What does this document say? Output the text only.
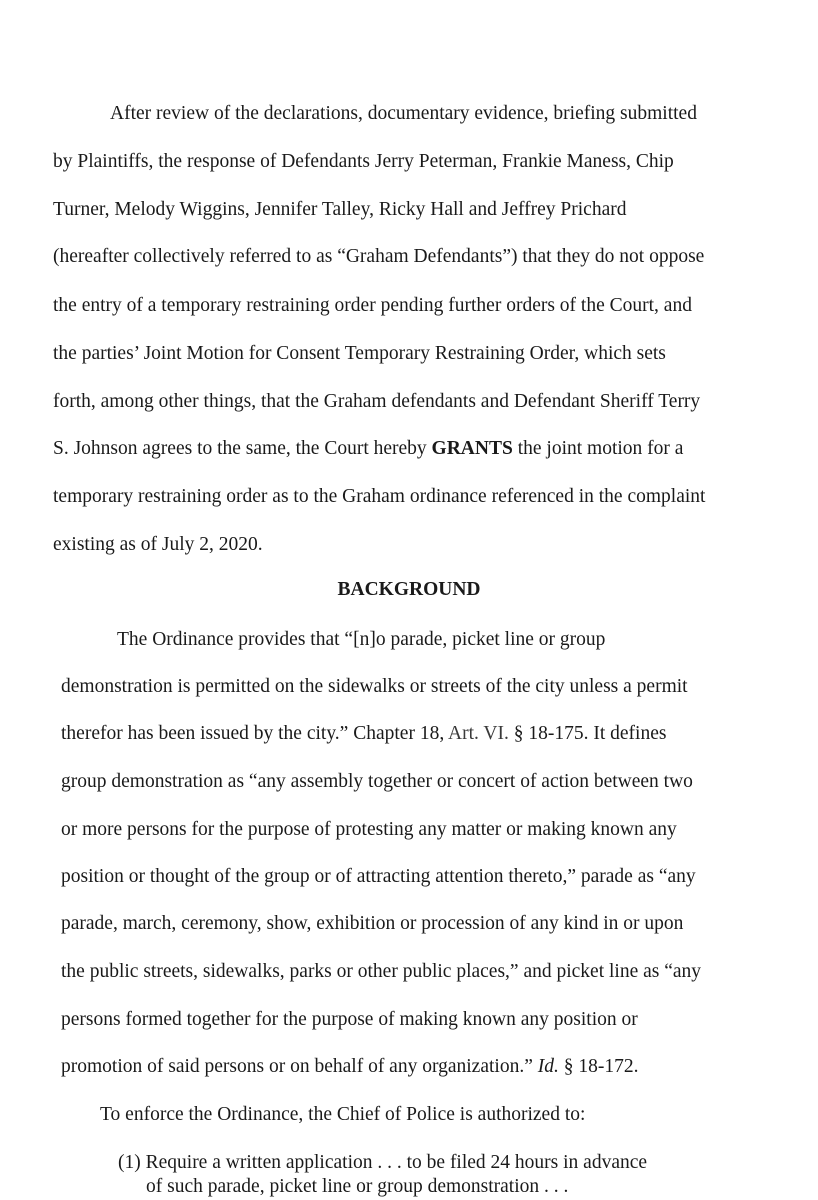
After review of the declarations, documentary evidence, briefing submitted
by Plaintiffs, the response of Defendants Jerry Peterman, Frankie Maness, Chip
Turner, Melody Wiggins, Jennifer Talley, Ricky Hall and Jeffrey Prichard
(hereafter collectively referred to as “Graham Defendants”) that they do not oppose
the entry of a temporary restraining order pending further orders of the Court, and
the parties’ Joint Motion for Consent Temporary Restraining Order, which sets
forth, among other things, that the Graham defendants and Defendant Sheriff Terry
S. Johnson agrees to the same, the Court hereby GRANTS the joint motion for a
temporary restraining order as to the Graham ordinance referenced in the complaint
existing as of July 2, 2020.
BACKGROUND
The Ordinance provides that “[n]o parade, picket line or group
demonstration is permitted on the sidewalks or streets of the city unless a permit
therefor has been issued by the city.” Chapter 18, Art. VI. § 18-175. It defines
group demonstration as “any assembly together or concert of action between two
or more persons for the purpose of protesting any matter or making known any
position or thought of the group or of attracting attention thereto,” parade as “any
parade, march, ceremony, show, exhibition or procession of any kind in or upon
the public streets, sidewalks, parks or other public places,” and picket line as “any
persons formed together for the purpose of making known any position or
promotion of said persons or on behalf of any organization.” Id. § 18-172.
To enforce the Ordinance, the Chief of Police is authorized to:
(1) Require a written application . . . to be filed 24 hours in advance
of such parade, picket line or group demonstration . . .
